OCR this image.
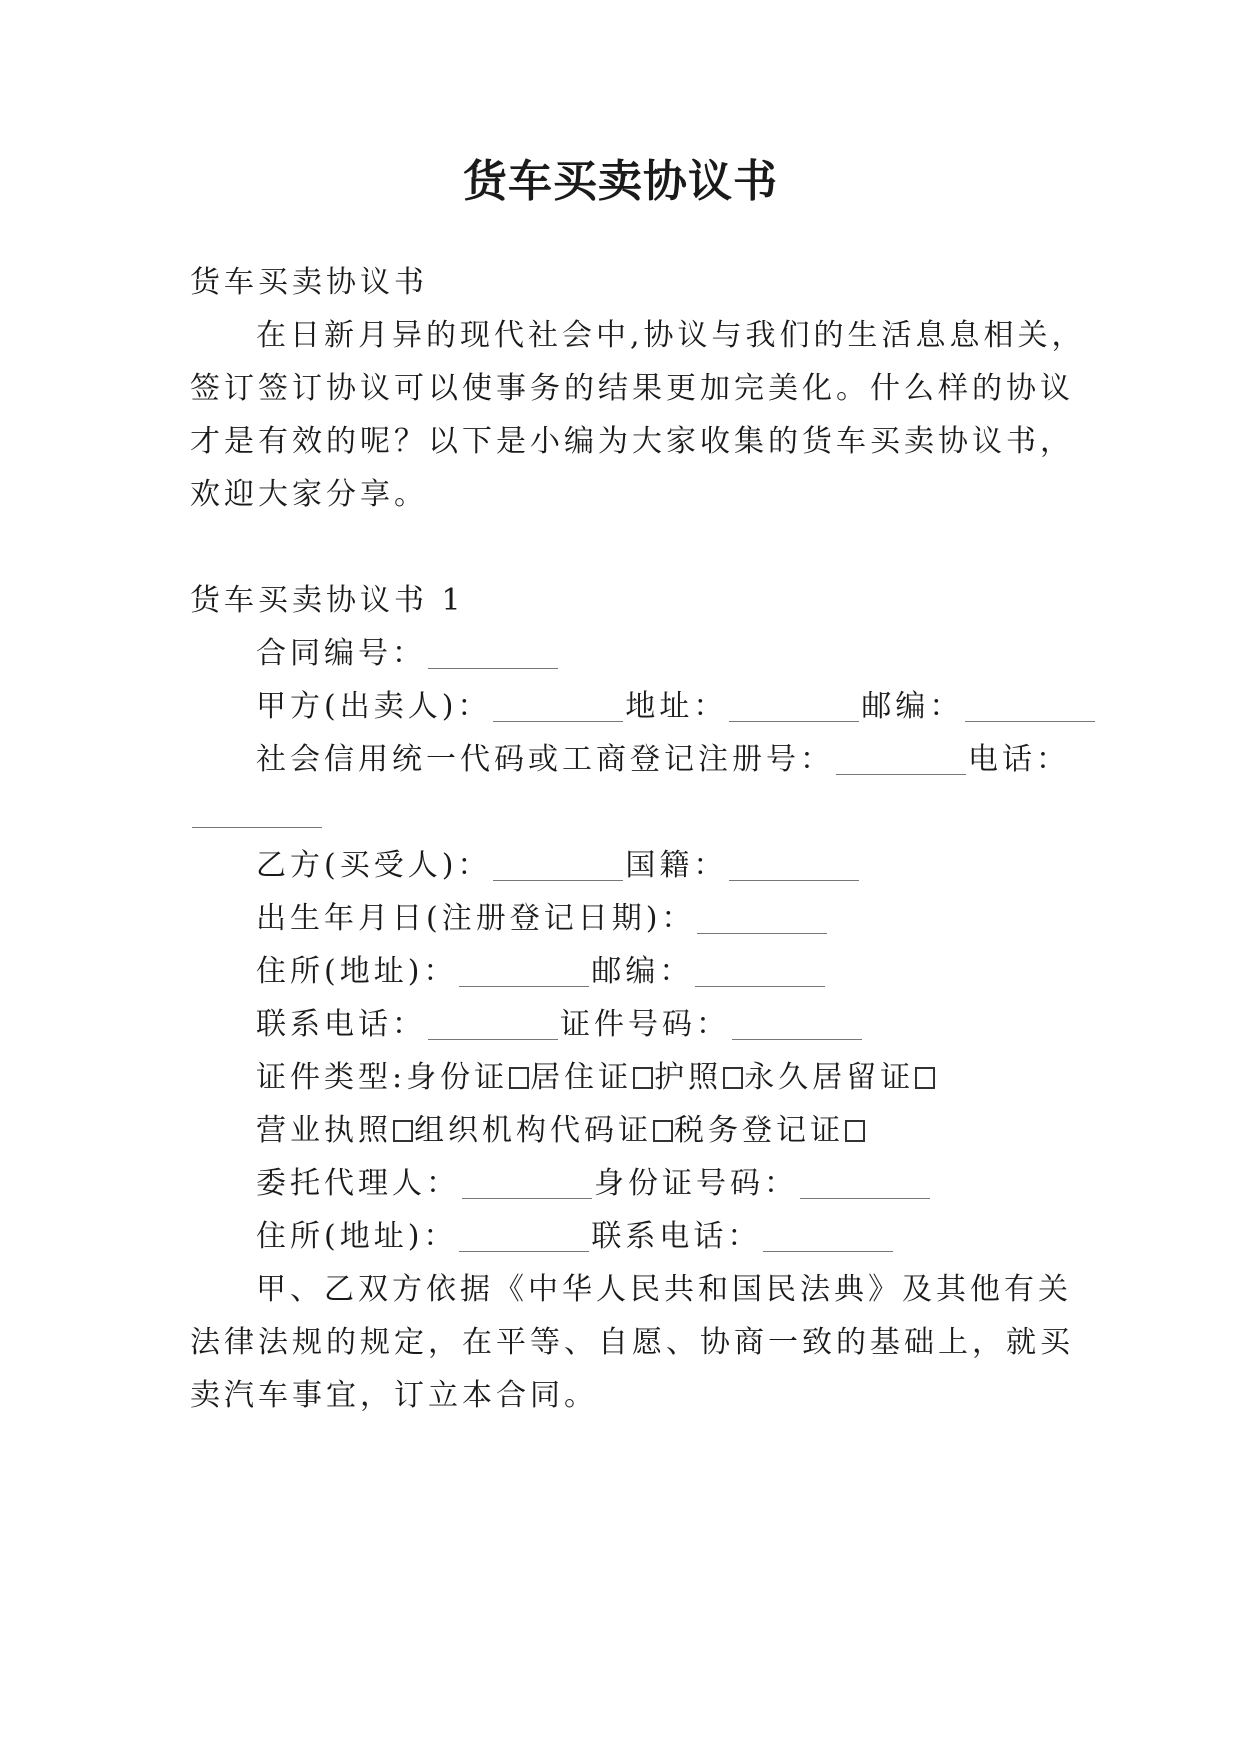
货车买卖协议书
货车买卖协议书
在日新月异的现代社会中,协议与我们的生活息息相关，
签订签订协议可以使事务的结果更加完美化。什么样的协议
才是有效的呢？以下是小编为大家收集的货车买卖协议书，
欢迎大家分享。
货车买卖协议书 1
合同编号：
甲方(出卖人)：	地址：	邮编：
社会信用统一代码或工商登记注册号：	电话：
乙方(买受人)：	国籍：
出生年月日(注册登记日期)：
住所(地址)：	邮编：
联系电话：	证件号码：
证件类型:身份证 居住证 护照 永久居留证
营业执照 组织机构代码证 税务登记证
委托代理人：	身份证号码：
住所(地址)：	联系电话：
甲、乙双方依据《中华人民共和国民法典》及其他有关
法律法规的规定，在平等、自愿、协商一致的基础上，就买
卖汽车事宜，订立本合同。
